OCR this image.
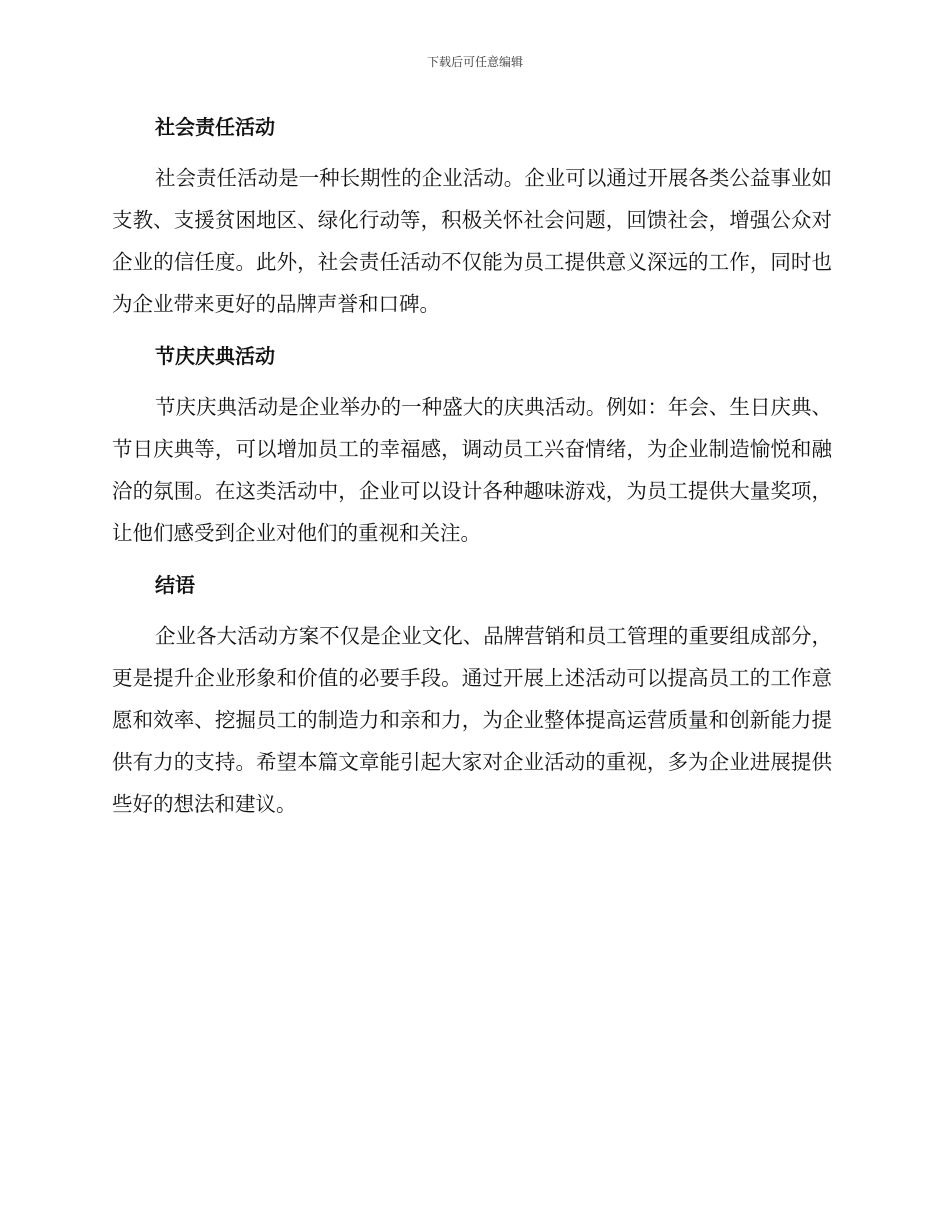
下载后可任意编辑
社会责任活动

社会责任活动是一种长期性的企业活动。企业可以通过开展各类公益事业如支教、支援贫困地区、绿化行动等，积极关怀社会问题，回馈社会，增强公众对企业的信任度。此外，社会责任活动不仅能为员工提供意义深远的工作，同时也为企业带来更好的品牌声誉和口碑。

节庆庆典活动

节庆庆典活动是企业举办的一种盛大的庆典活动。例如：年会、生日庆典、节日庆典等，可以增加员工的幸福感，调动员工兴奋情绪，为企业制造愉悦和融洽的氛围。在这类活动中，企业可以设计各种趣味游戏，为员工提供大量奖项，让他们感受到企业对他们的重视和关注。

结语

企业各大活动方案不仅是企业文化、品牌营销和员工管理的重要组成部分，更是提升企业形象和价值的必要手段。通过开展上述活动可以提高员工的工作意愿和效率、挖掘员工的制造力和亲和力，为企业整体提高运营质量和创新能力提供有力的支持。希望本篇文章能引起大家对企业活动的重视，多为企业进展提供些好的想法和建议。
